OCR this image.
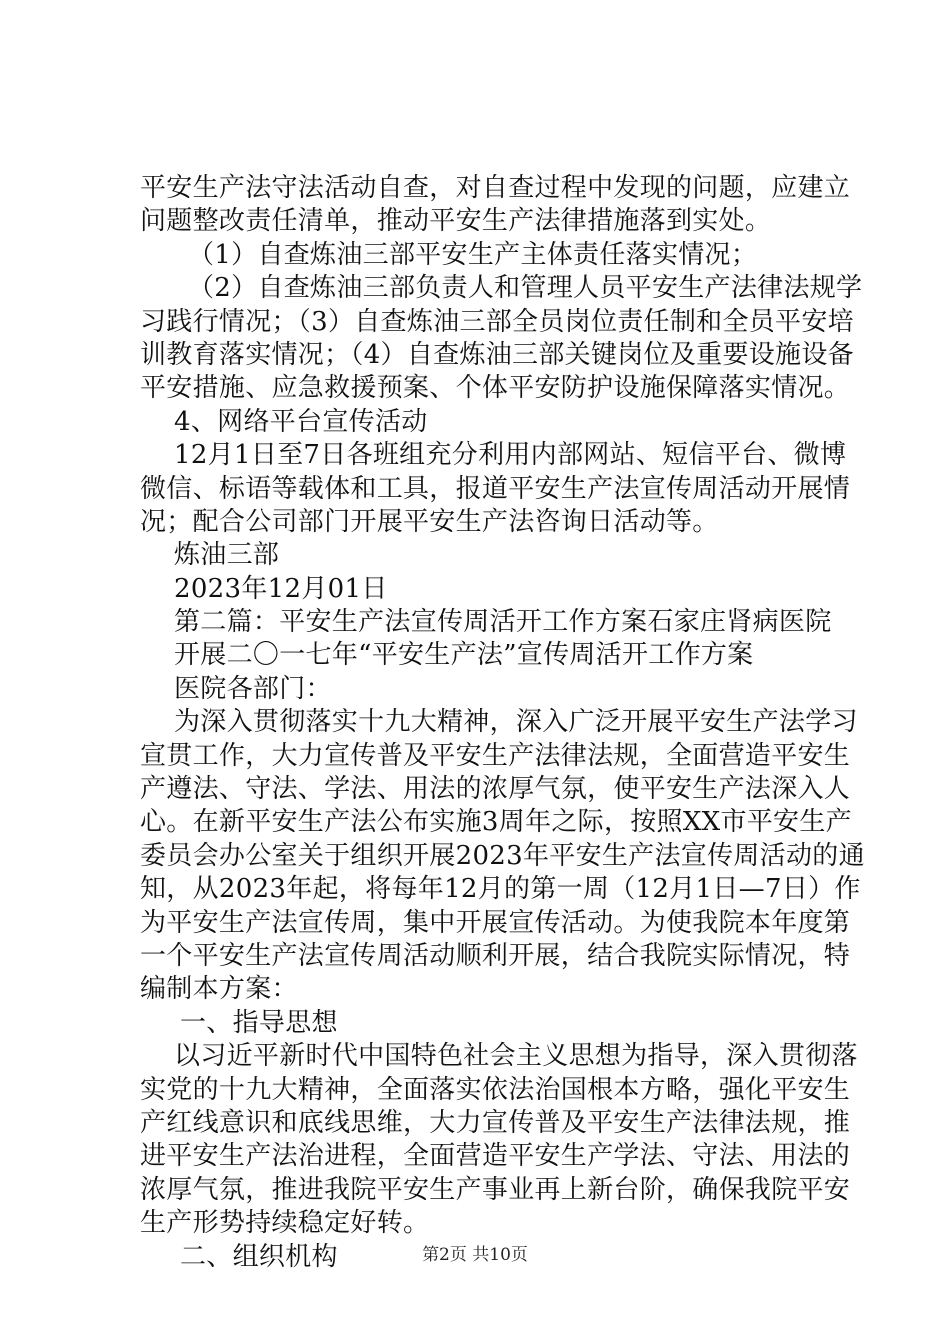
平安生产法守法活动自查，对自查过程中发现的问题，应建立
问题整改责任清单，推动平安生产法律措施落到实处。
（1）自查炼油三部平安生产主体责任落实情况；
（2）自查炼油三部负责人和管理人员平安生产法律法规学
习践行情况；（3）自查炼油三部全员岗位责任制和全员平安培
训教育落实情况；（4）自查炼油三部关键岗位及重要设施设备
平安措施、应急救援预案、个体平安防护设施保障落实情况。
4、网络平台宣传活动
12月1日至7日各班组充分利用内部网站、短信平台、微博
微信、标语等载体和工具，报道平安生产法宣传周活动开展情
况；配合公司部门开展平安生产法咨询日活动等。
炼油三部
2023年12月01日
第二篇：平安生产法宣传周活开工作方案石家庄肾病医院
开展二〇一七年“平安生产法”宣传周活开工作方案
医院各部门：
为深入贯彻落实十九大精神，深入广泛开展平安生产法学习
宣贯工作，大力宣传普及平安生产法律法规，全面营造平安生
产遵法、守法、学法、用法的浓厚气氛，使平安生产法深入人
心。在新平安生产法公布实施3周年之际，按照XX市平安生产
委员会办公室关于组织开展2023年平安生产法宣传周活动的通
知，从2023年起，将每年12月的第一周（12月1日—7日）作
为平安生产法宣传周，集中开展宣传活动。为使我院本年度第
一个平安生产法宣传周活动顺利开展，结合我院实际情况，特
编制本方案：
一、指导思想
以习近平新时代中国特色社会主义思想为指导，深入贯彻落
实党的十九大精神，全面落实依法治国根本方略，强化平安生
产红线意识和底线思维，大力宣传普及平安生产法律法规，推
进平安生产法治进程，全面营造平安生产学法、守法、用法的
浓厚气氛，推进我院平安生产事业再上新台阶，确保我院平安
生产形势持续稳定好转。
二、组织机构	第2页 共10页
